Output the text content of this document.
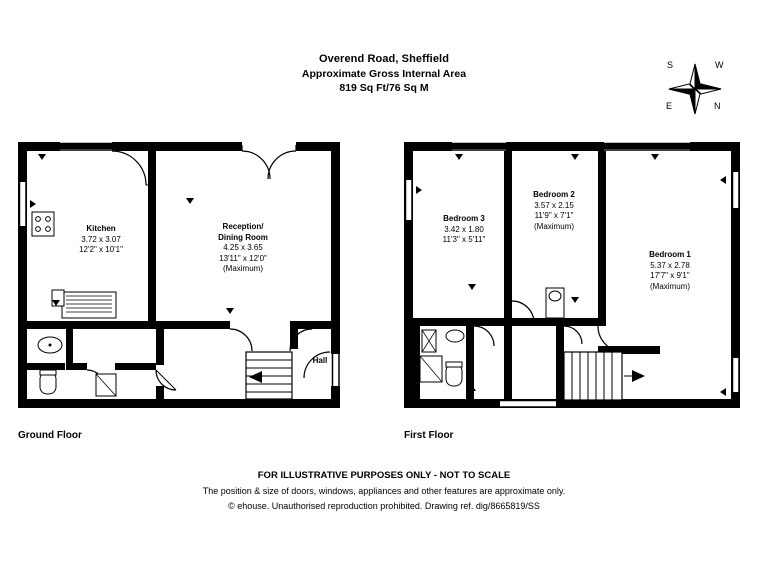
Overend Road, Sheffield
Approximate Gross Internal Area
819 Sq Ft/76 Sq M
N
S
E
W
Kitchen
3.72 x 3.07
12'2" x 10'1"
Reception/
Dining Room
4.25 x 3.65
13'11" x 12'0"
(Maximum)
Hall
Ground Floor
Bedroom 3
3.42 x 1.80
11'3" x 5'11"
Bedroom 2
3.57 x 2.15
11'9" x 7'1"
(Maximum)
Bedroom 1
5.37 x 2.78
17'7" x 9'1"
(Maximum)
First Floor
FOR ILLUSTRATIVE PURPOSES ONLY - NOT TO SCALE
The position & size of doors, windows, appliances and other features are approximate only.
© ehouse. Unauthorised reproduction prohibited. Drawing ref. dig/8665819/SS
